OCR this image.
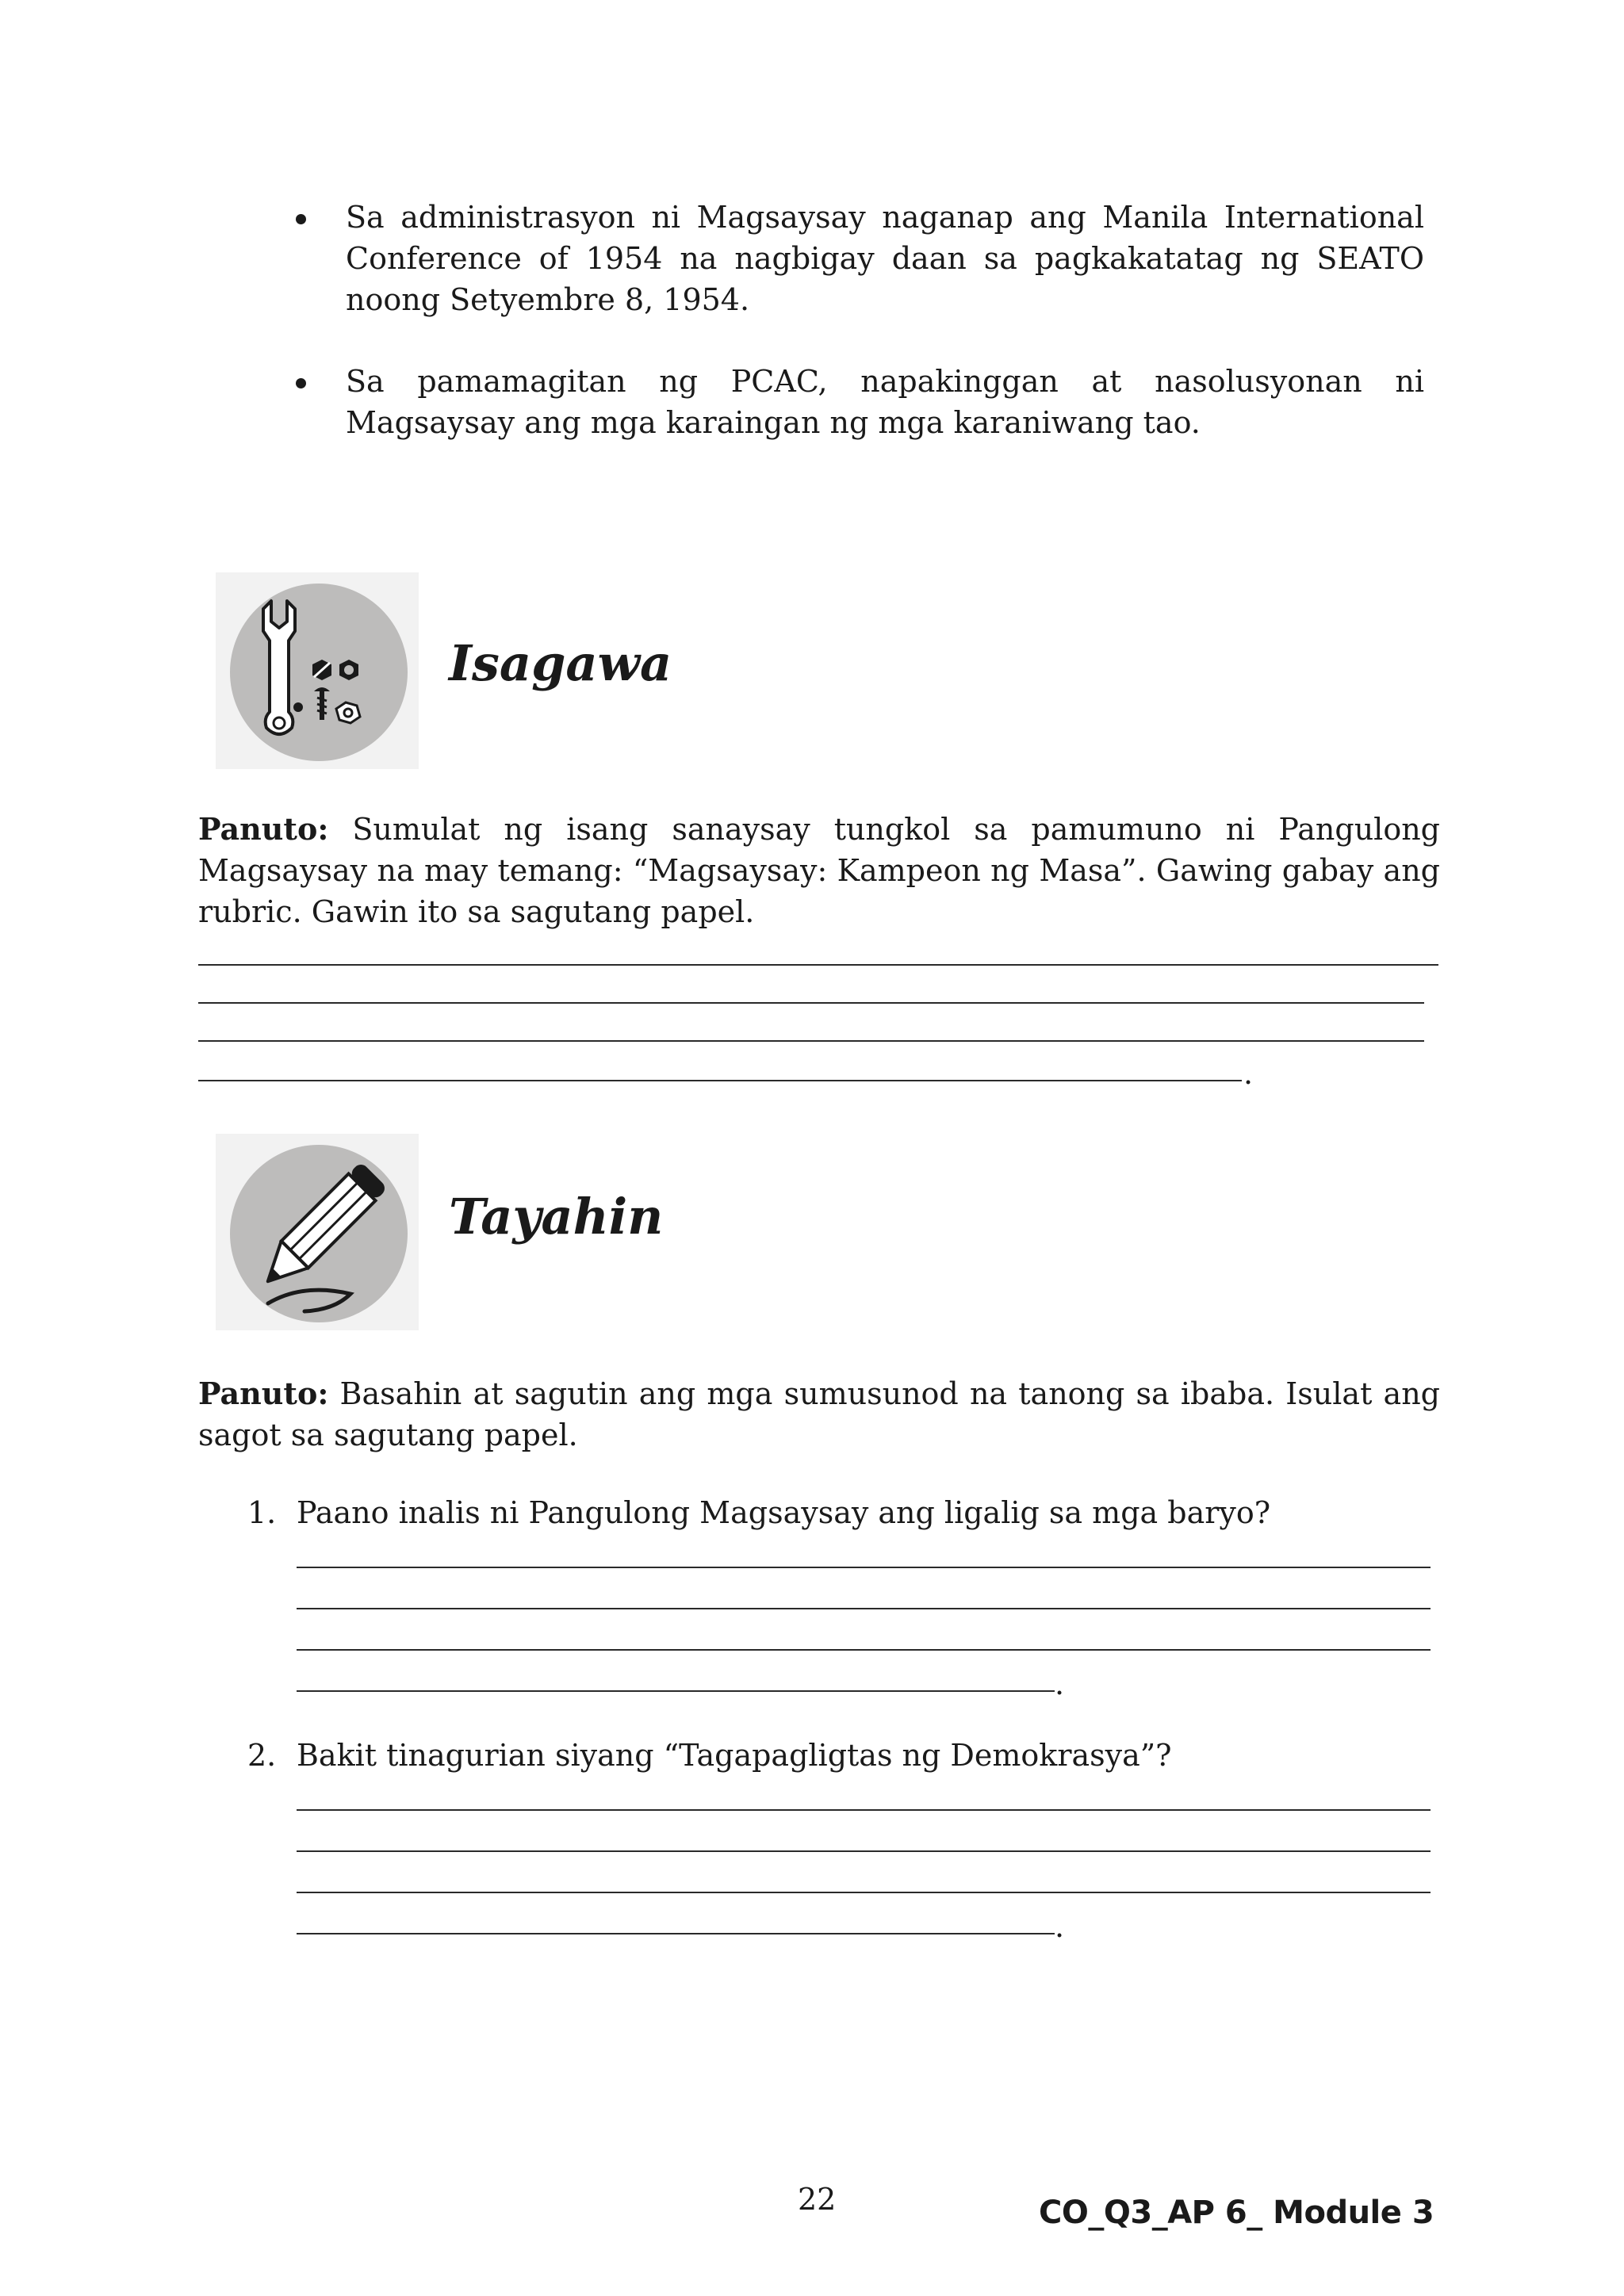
Sa administrasyon ni Magsaysay naganap ang Manila International Conference of 1954 na nagbigay daan sa pagkakatatag ng SEATO noong Setyembre 8, 1954.
Sa pamamagitan ng PCAC, napakinggan at nasolusyonan ni Magsaysay ang mga karaingan ng mga karaniwang tao.
Isagawa
Panuto: Sumulat ng isang sanaysay tungkol sa pamumuno ni Pangulong Magsaysay na may temang: “Magsaysay: Kampeon ng Masa”. Gawing gabay ang rubric. Gawin ito sa sagutang papel.
.
Tayahin
Panuto: Basahin at sagutin ang mga sumusunod na tanong sa ibaba. Isulat ang sagot sa sagutang papel.
1. Paano inalis ni Pangulong Magsaysay ang ligalig sa mga baryo?
.
2. Bakit tinagurian siyang “Tagapagligtas ng Demokrasya”?
.
22	CO_Q3_AP 6_ Module 3
